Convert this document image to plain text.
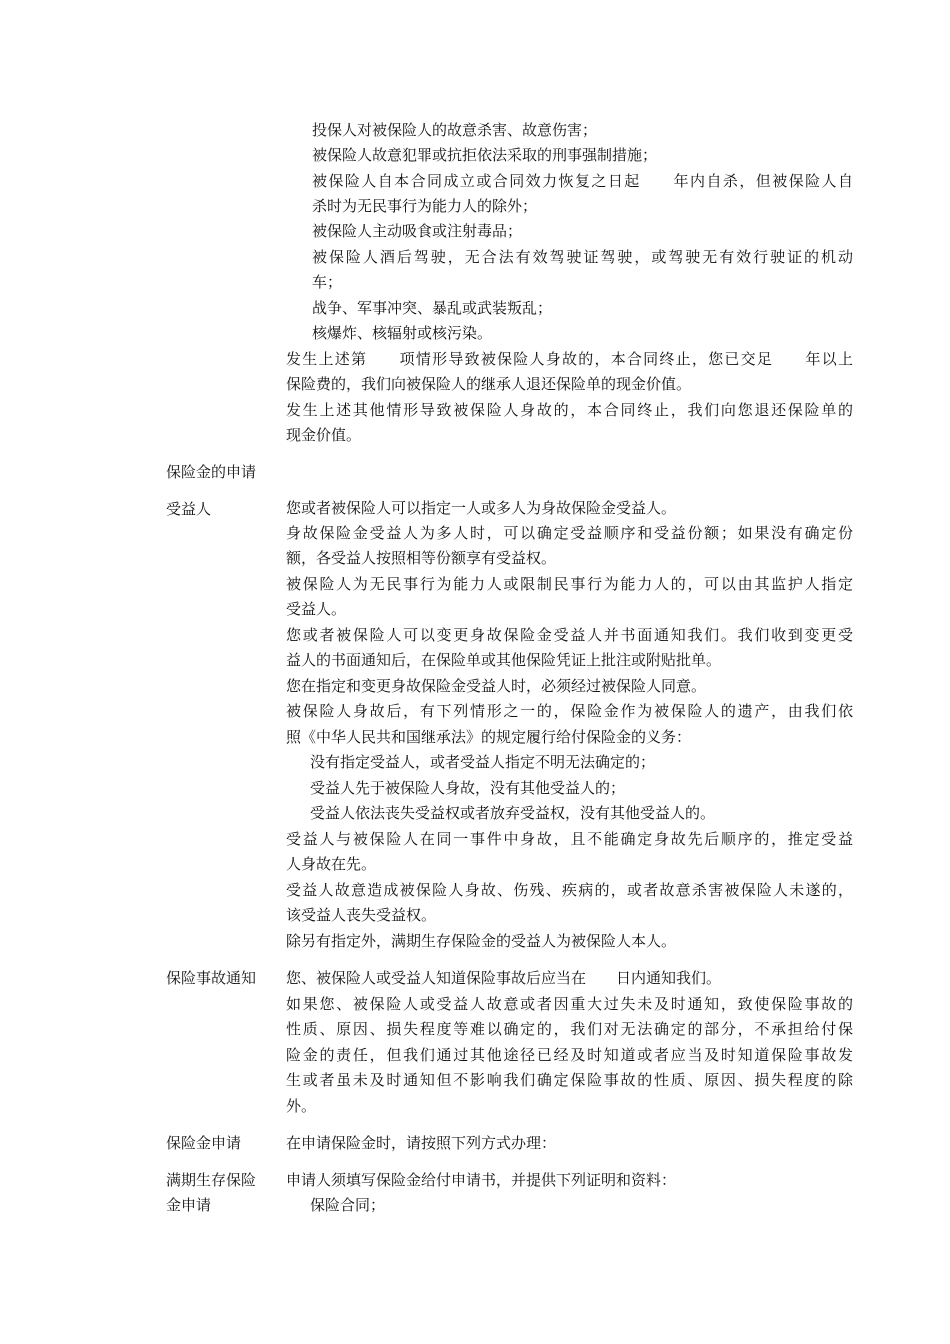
投保人对被保险人的故意杀害、故意伤害；
被保险人故意犯罪或抗拒依法采取的刑事强制措施；
被保险人自本合同成立或合同效力恢复之日起　　年内自杀，但被保险人自
杀时为无民事行为能力人的除外；
被保险人主动吸食或注射毒品；
被保险人酒后驾驶，无合法有效驾驶证驾驶，或驾驶无有效行驶证的机动
车；
战争、军事冲突、暴乱或武装叛乱；
核爆炸、核辐射或核污染。
发生上述第　　项情形导致被保险人身故的，本合同终止，您已交足　　年以上
保险费的，我们向被保险人的继承人退还保险单的现金价值。
发生上述其他情形导致被保险人身故的，本合同终止，我们向您退还保险单的
现金价值。
保险金的申请
受益人	您或者被保险人可以指定一人或多人为身故保险金受益人。
身故保险金受益人为多人时，可以确定受益顺序和受益份额；如果没有确定份
额，各受益人按照相等份额享有受益权。
被保险人为无民事行为能力人或限制民事行为能力人的，可以由其监护人指定
受益人。
您或者被保险人可以变更身故保险金受益人并书面通知我们。我们收到变更受
益人的书面通知后，在保险单或其他保险凭证上批注或附贴批单。
您在指定和变更身故保险金受益人时，必须经过被保险人同意。
被保险人身故后，有下列情形之一的，保险金作为被保险人的遗产，由我们依
照《中华人民共和国继承法》的规定履行给付保险金的义务：
没有指定受益人，或者受益人指定不明无法确定的；
受益人先于被保险人身故，没有其他受益人的；
受益人依法丧失受益权或者放弃受益权，没有其他受益人的。
受益人与被保险人在同一事件中身故，且不能确定身故先后顺序的，推定受益
人身故在先。
受益人故意造成被保险人身故、伤残、疾病的，或者故意杀害被保险人未遂的，
该受益人丧失受益权。
除另有指定外，满期生存保险金的受益人为被保险人本人。
保险事故通知 您、被保险人或受益人知道保险事故后应当在　　日内通知我们。
如果您、被保险人或受益人故意或者因重大过失未及时通知，致使保险事故的
性质、原因、损失程度等难以确定的，我们对无法确定的部分，不承担给付保
险金的责任，但我们通过其他途径已经及时知道或者应当及时知道保险事故发
生或者虽未及时通知但不影响我们确定保险事故的性质、原因、损失程度的除
外。
保险金申请	在申请保险金时，请按照下列方式办理：
满期生存保险
金申请
申请人须填写保险金给付申请书，并提供下列证明和资料：
保险合同；
